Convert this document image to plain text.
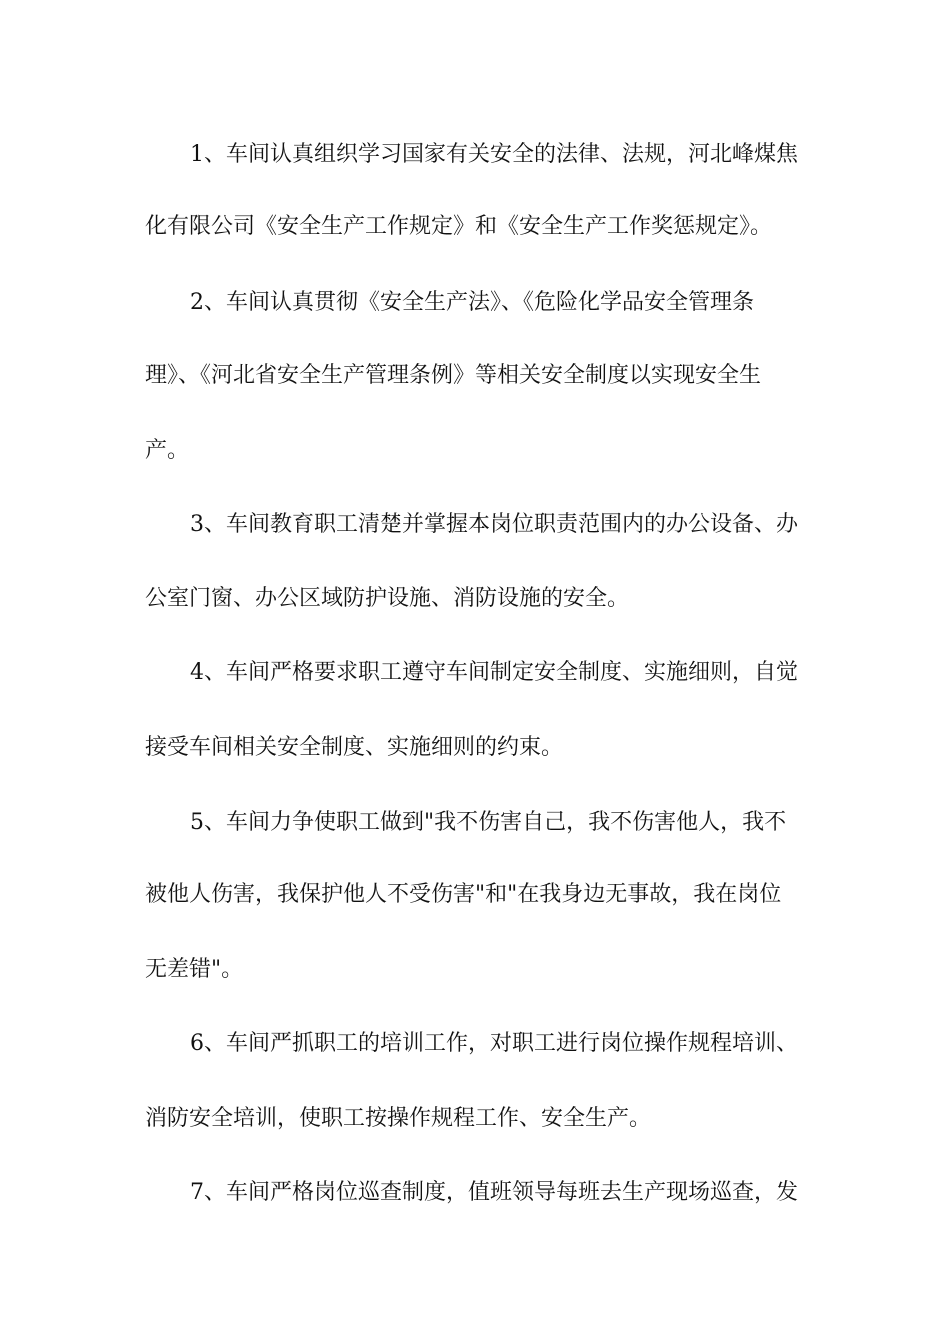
1、车间认真组织学习国家有关安全的法律、法规，河北峰煤焦
化有限公司《安全生产工作规定》和《安全生产工作奖惩规定》。
2、车间认真贯彻《安全生产法》、《危险化学品安全管理条
理》、《河北省安全生产管理条例》等相关安全制度以实现安全生
产。
3、车间教育职工清楚并掌握本岗位职责范围内的办公设备、办
公室门窗、办公区域防护设施、消防设施的安全。
4、车间严格要求职工遵守车间制定安全制度、实施细则，自觉
接受车间相关安全制度、实施细则的约束。
5、车间力争使职工做到"我不伤害自己，我不伤害他人，我不
被他人伤害，我保护他人不受伤害"和"在我身边无事故，我在岗位
无差错"。
6、车间严抓职工的培训工作，对职工进行岗位操作规程培训、
消防安全培训，使职工按操作规程工作、安全生产。
7、车间严格岗位巡查制度，值班领导每班去生产现场巡查，发
